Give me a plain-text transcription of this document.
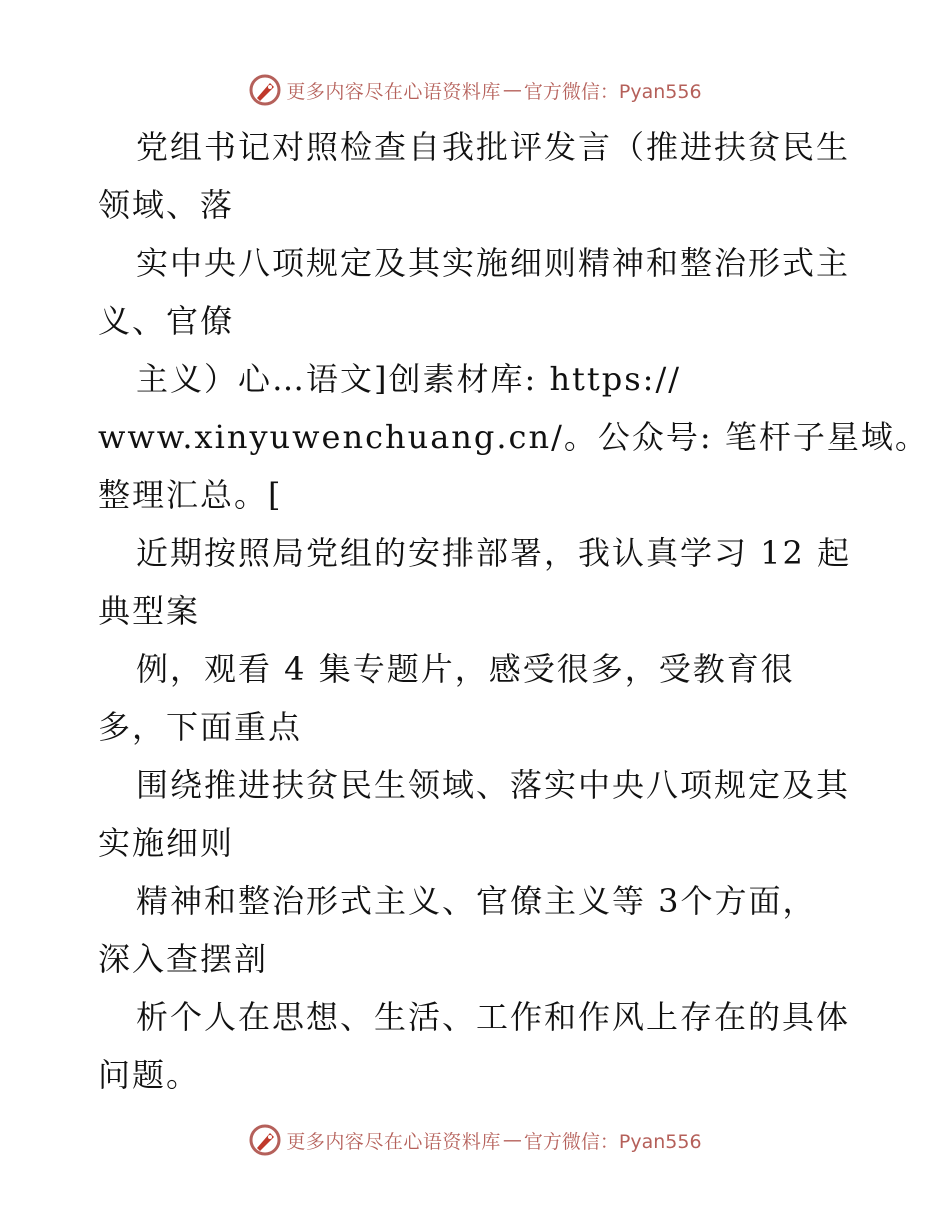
更多内容尽在心语资料库 — 官方微信：Pyan556
党组书记对照检查自我批评发言（推进扶贫民生
领域、落
实中央八项规定及其实施细则精神和整治形式主
义、官僚
主义）心…语文]创素材库: https://
www.xinyuwenchuang.cn/。公众号: 笔杆子星域。
整理汇总。[
近期按照局党组的安排部署，我认真学习 12 起
典型案
例，观看 4 集专题片，感受很多，受教育很
多，下面重点
围绕推进扶贫民生领域、落实中央八项规定及其
实施细则
精神和整治形式主义、官僚主义等 3个方面，
深入查摆剖
析个人在思想、生活、工作和作风上存在的具体
问题。
更多内容尽在心语资料库 — 官方微信：Pyan556
